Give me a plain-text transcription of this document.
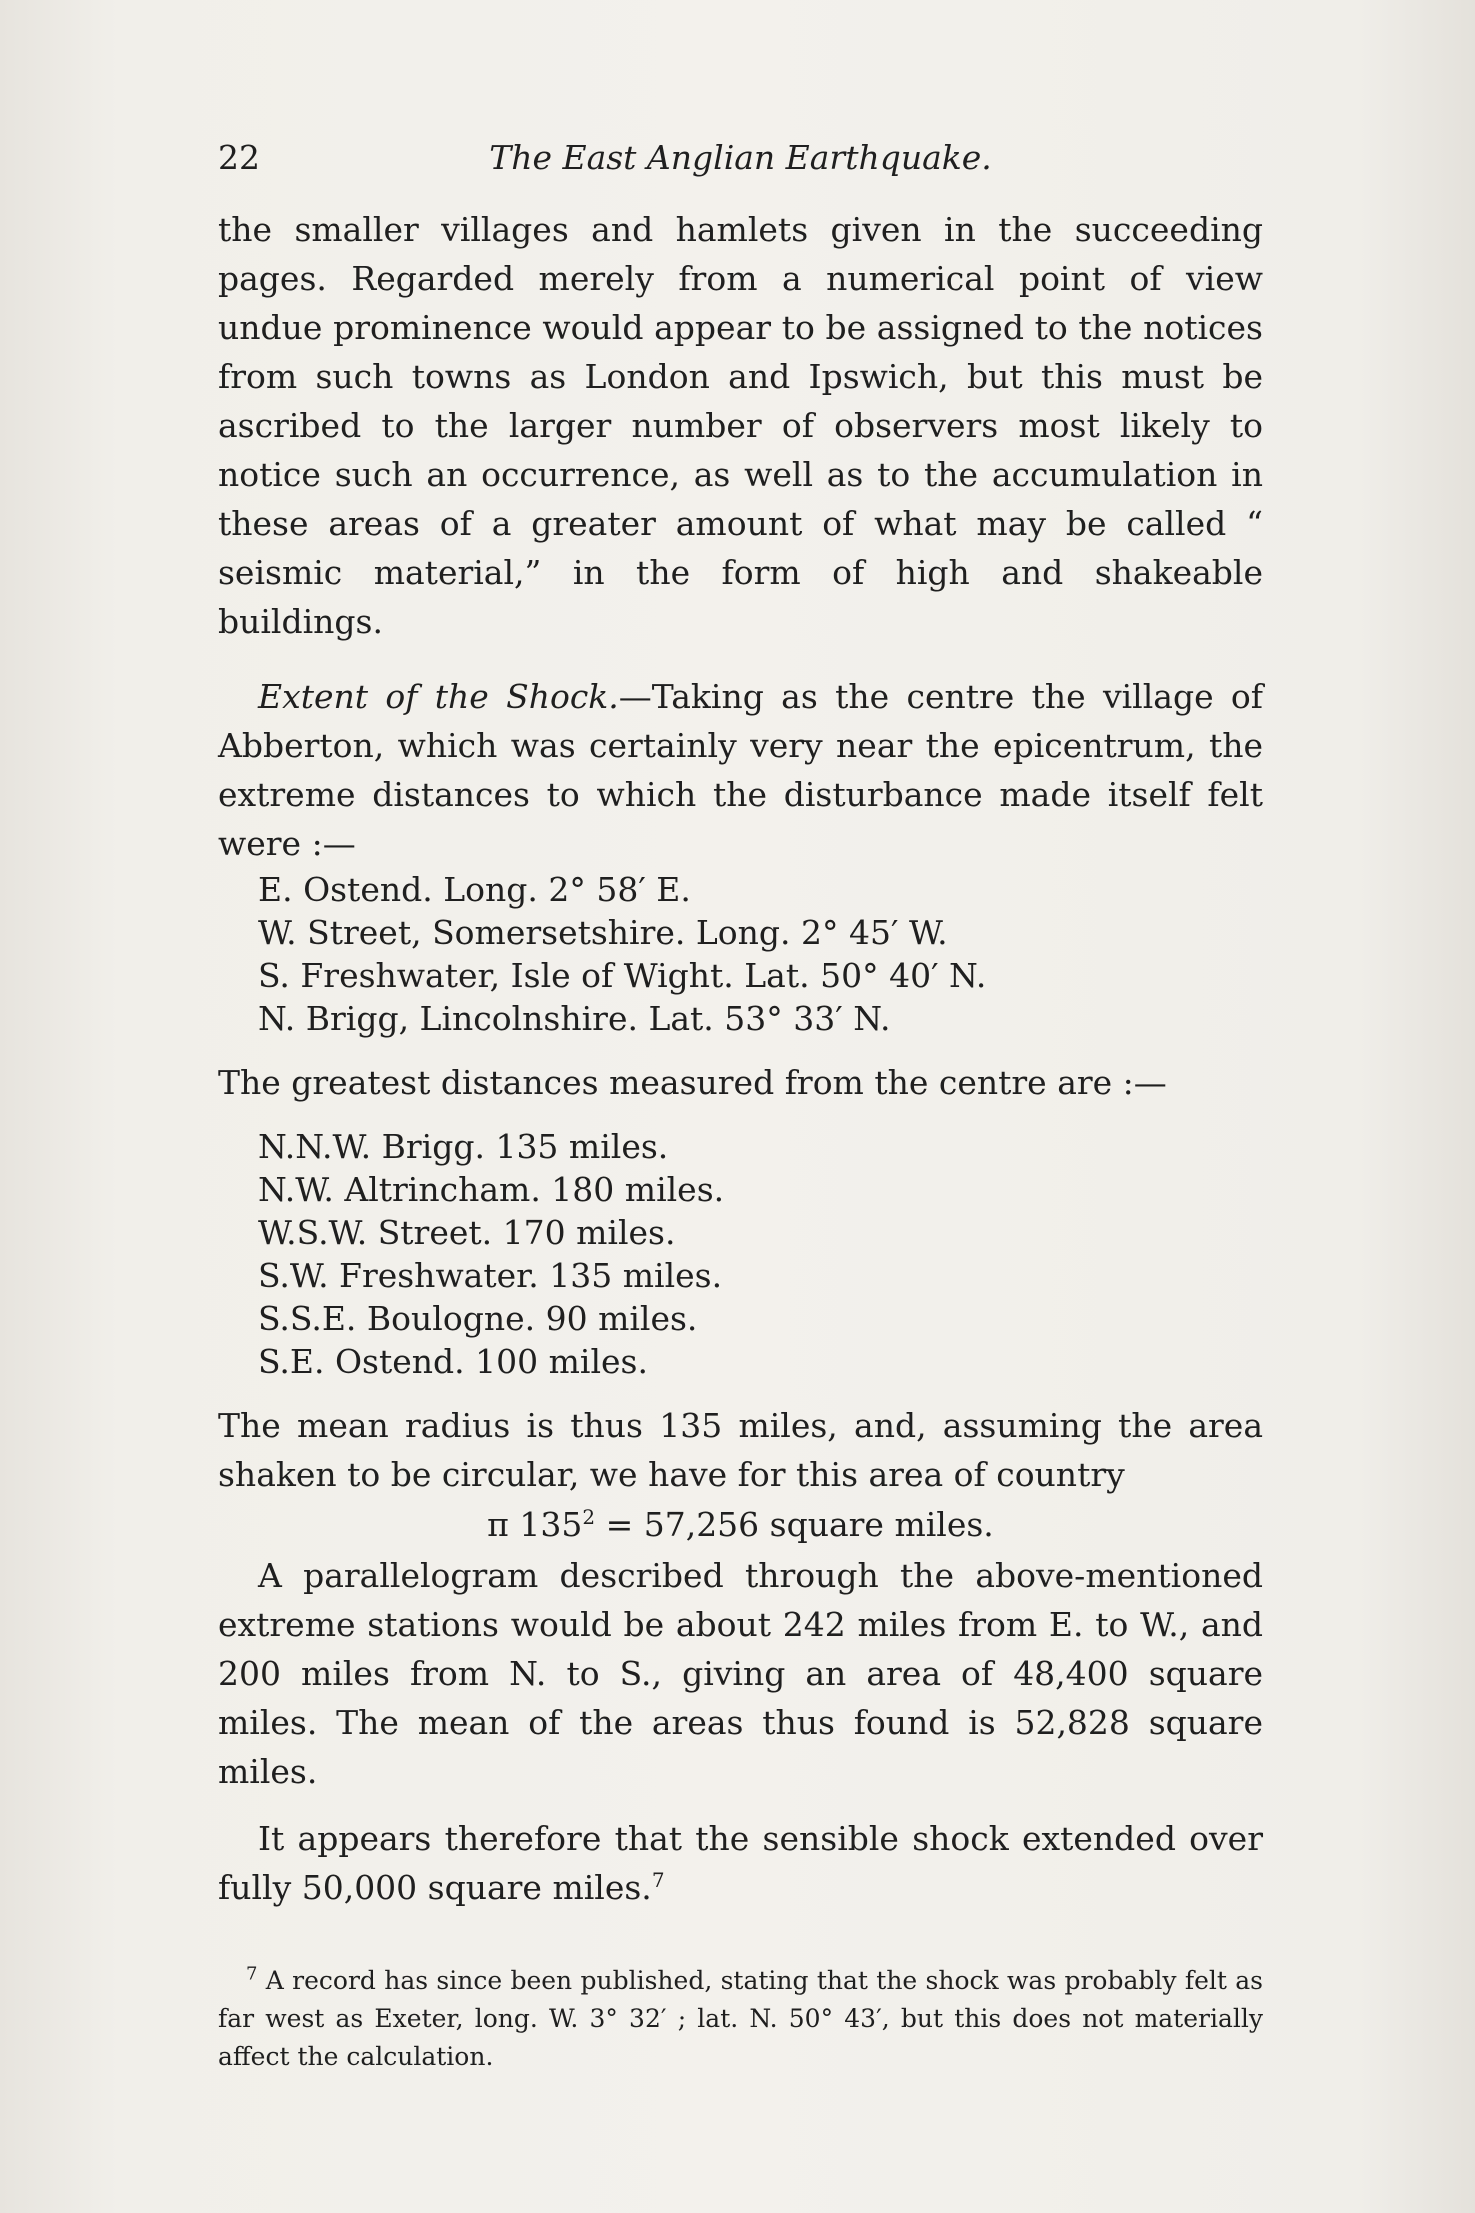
22	The East Anglian Earthquake.

the smaller villages and hamlets given in the succeeding pages. Regarded merely from a numerical point of view undue prominence would appear to be assigned to the notices from such towns as London and Ipswich, but this must be ascribed to the larger number of observers most likely to notice such an occurrence, as well as to the accumulation in these areas of a greater amount of what may be called “ seismic material,” in the form of high and shakeable buildings.

Extent of the Shock.—Taking as the centre the village of Abberton, which was certainly very near the epicentrum, the extreme distances to which the disturbance made itself felt were :—

E. Ostend. Long. 2° 58′ E.
W. Street, Somersetshire. Long. 2° 45′ W.
S. Freshwater, Isle of Wight. Lat. 50° 40′ N.
N. Brigg, Lincolnshire. Lat. 53° 33′ N.

The greatest distances measured from the centre are :—

N.N.W. Brigg. 135 miles.
N.W. Altrincham. 180 miles.
W.S.W. Street. 170 miles.
S.W. Freshwater. 135 miles.
S.S.E. Boulogne. 90 miles.
S.E. Ostend. 100 miles.

The mean radius is thus 135 miles, and, assuming the area shaken to be circular, we have for this area of country

π $135^2 = 57,256$ square miles.

A parallelogram described through the above-mentioned extreme stations would be about 242 miles from E. to W., and 200 miles from N. to S., giving an area of 48,400 square miles. The mean of the areas thus found is 52,828 square miles.

It appears therefore that the sensible shock extended over fully 50,000 square miles.$^7$

$^7$ A record has since been published, stating that the shock was probably felt as far west as Exeter, long. W. 3° 32′ ; lat. N. 50° 43′, but this does not materially affect the calculation.
